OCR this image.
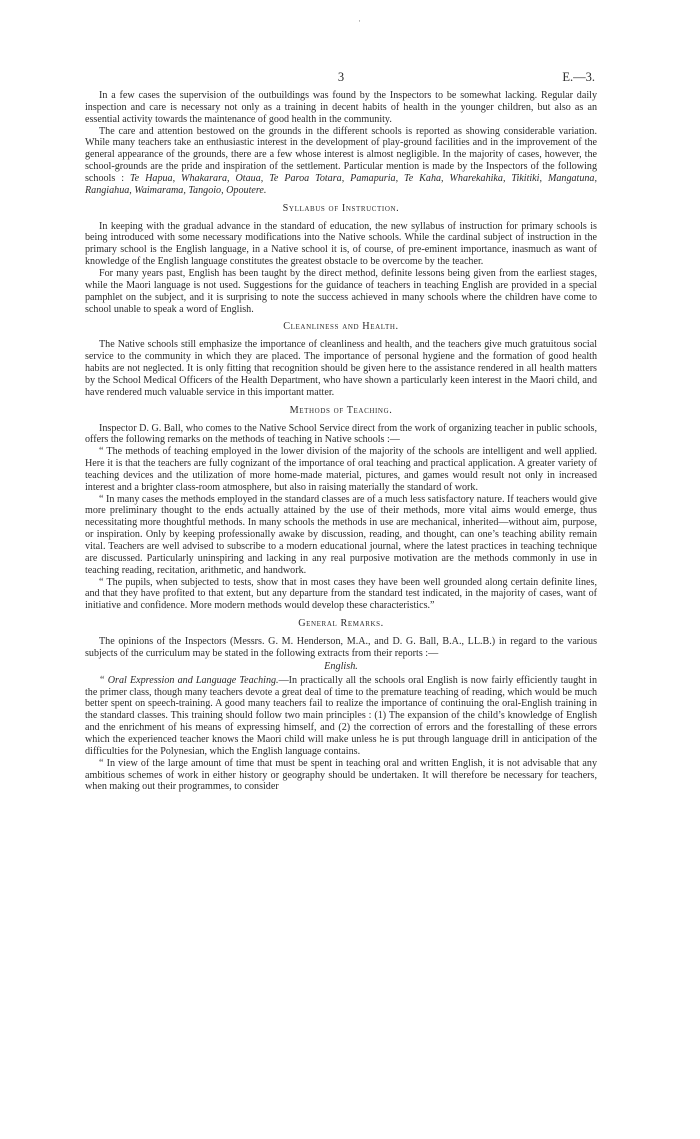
·
3	E.—3.

In a few cases the supervision of the outbuildings was found by the Inspectors to be somewhat lacking. Regular daily inspection and care is necessary not only as a training in decent habits of health in the younger children, but also as an essential activity towards the maintenance of good health in the community.

The care and attention bestowed on the grounds in the different schools is reported as showing considerable variation. While many teachers take an enthusiastic interest in the development of play-ground facilities and in the improvement of the general appearance of the grounds, there are a few whose interest is almost negligible. In the majority of cases, however, the school-grounds are the pride and inspiration of the settlement. Particular mention is made by the Inspectors of the following schools : Te Hapua, Whakarara, Otaua, Te Paroa Totara, Pamapuria, Te Kaha, Wharekahika, Tikitiki, Mangatuna, Rangiahua, Waimarama, Tangoio, Opoutere.

Syllabus of Instruction.

In keeping with the gradual advance in the standard of education, the new syllabus of instruction for primary schools is being introduced with some necessary modifications into the Native schools. While the cardinal subject of instruction in the primary school is the English language, in a Native school it is, of course, of pre-eminent importance, inasmuch as want of knowledge of the English language constitutes the greatest obstacle to be overcome by the teacher.

For many years past, English has been taught by the direct method, definite lessons being given from the earliest stages, while the Maori language is not used. Suggestions for the guidance of teachers in teaching English are provided in a special pamphlet on the subject, and it is surprising to note the success achieved in many schools where the children have come to school unable to speak a word of English.

Cleanliness and Health.

The Native schools still emphasize the importance of cleanliness and health, and the teachers give much gratuitous social service to the community in which they are placed. The importance of personal hygiene and the formation of good health habits are not neglected. It is only fitting that recognition should be given here to the assistance rendered in all health matters by the School Medical Officers of the Health Department, who have shown a particularly keen interest in the Maori child, and have rendered much valuable service in this important matter.

Methods of Teaching.

Inspector D. G. Ball, who comes to the Native School Service direct from the work of organizing teacher in public schools, offers the following remarks on the methods of teaching in Native schools :—

“ The methods of teaching employed in the lower division of the majority of the schools are intelligent and well applied. Here it is that the teachers are fully cognizant of the importance of oral teaching and practical application. A greater variety of teaching devices and the utilization of more home-made material, pictures, and games would result not only in increased interest and a brighter class-room atmosphere, but also in raising materially the standard of work.

“ In many cases the methods employed in the standard classes are of a much less satisfactory nature. If teachers would give more preliminary thought to the ends actually attained by the use of their methods, more vital aims would emerge, thus necessitating more thoughtful methods. In many schools the methods in use are mechanical, inherited—without aim, purpose, or inspiration. Only by keeping professionally awake by discussion, reading, and thought, can one’s teaching ability remain vital. Teachers are well advised to subscribe to a modern educational journal, where the latest practices in teaching technique are discussed. Particularly uninspiring and lacking in any real purposive motivation are the methods commonly in use in teaching reading, recitation, arithmetic, and handwork.

“ The pupils, when subjected to tests, show that in most cases they have been well grounded along certain definite lines, and that they have profited to that extent, but any departure from the standard test indicated, in the majority of cases, want of initiative and confidence. More modern methods would develop these characteristics.”

General Remarks.

The opinions of the Inspectors (Messrs. G. M. Henderson, M.A., and D. G. Ball, B.A., LL.B.) in regard to the various subjects of the curriculum may be stated in the following extracts from their reports :—

English.

“ Oral Expression and Language Teaching.—In practically all the schools oral English is now fairly efficiently taught in the primer class, though many teachers devote a great deal of time to the premature teaching of reading, which would be much better spent on speech-training. A good many teachers fail to realize the importance of continuing the oral-English training in the standard classes. This training should follow two main principles : (1) The expansion of the child’s knowledge of English and the enrichment of his means of expressing himself, and (2) the correction of errors and the forestalling of these errors which the experienced teacher knows the Maori child will make unless he is put through language drill in anticipation of the difficulties for the Polynesian, which the English language contains.

“ In view of the large amount of time that must be spent in teaching oral and written English, it is not advisable that any ambitious schemes of work in either history or geography should be undertaken. It will therefore be necessary for teachers, when making out their programmes, to consider
